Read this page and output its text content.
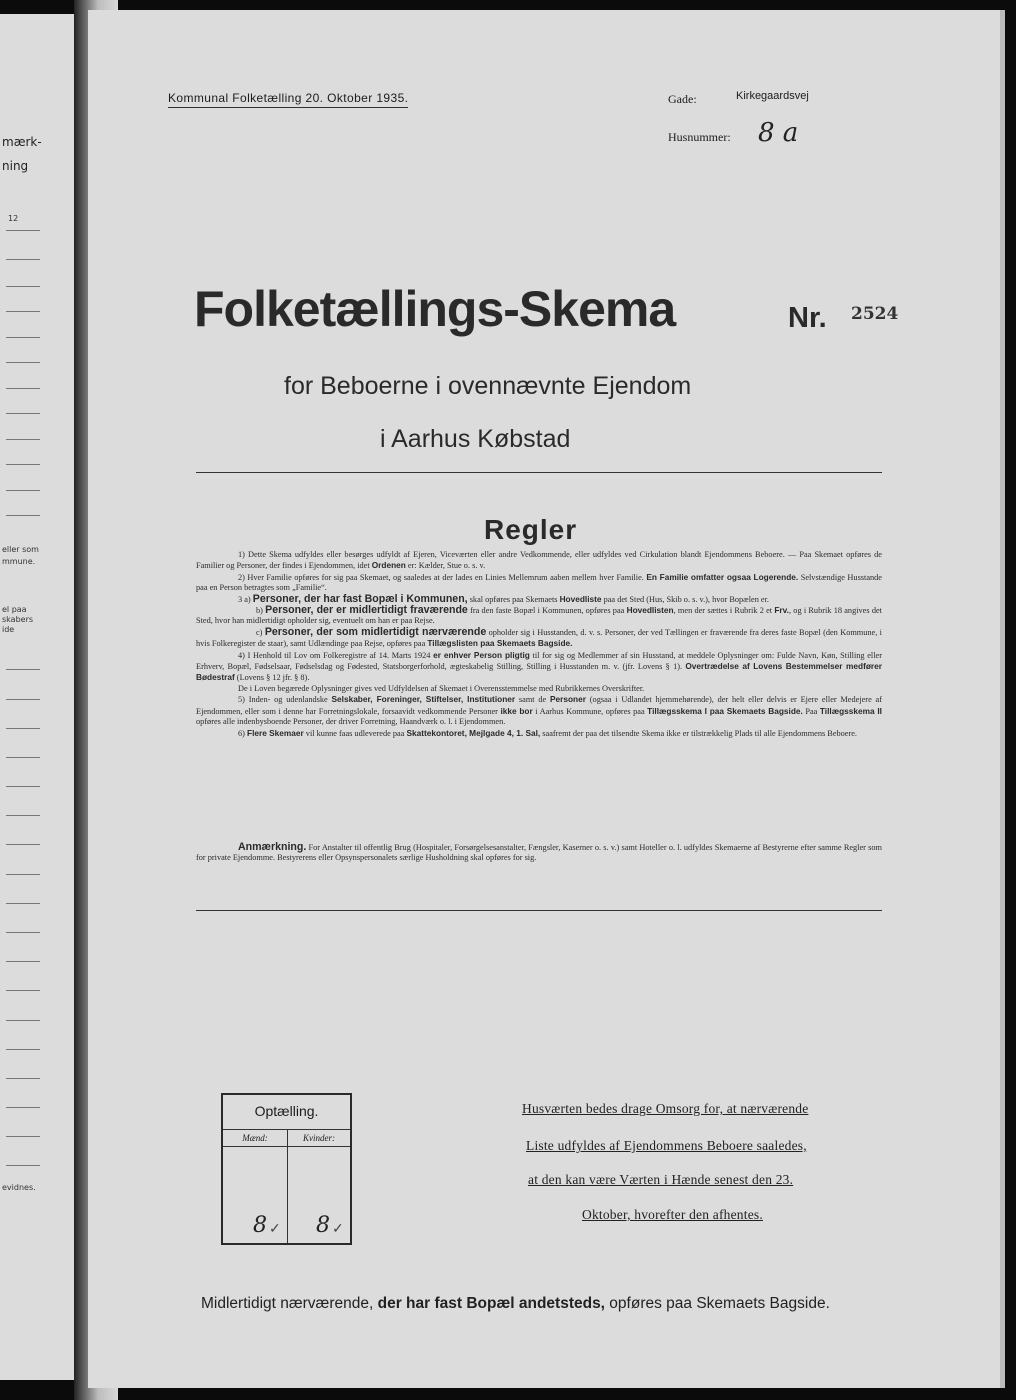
mærk-
ning
12
eller som
mmune.
el paa
skabers
ide
evidnes.
Kommunal Folketælling 20. Oktober 1935.	Gade:	Kirkegaardsvej
Husnummer: 8 a
Folketællings-Skema	Nr. 2524
for Beboerne i ovennævnte Ejendom
i Aarhus Købstad
Regler

1) Dette Skema udfyldes eller besørges udfyldt af Ejeren, Viceværten eller andre Vedkommende, eller udfyldes ved Cirkulation blandt Ejendommens Beboere. — Paa Skemaet opføres de Familier og Personer, der findes i Ejendommen, idet Ordenen er: Kælder, Stue o. s. v.

2) Hver Familie opføres for sig paa Skemaet, og saaledes at der lades en Linies Mellemrum aaben mellem hver Familie. En Familie omfatter ogsaa Logerende. Selvstændige Husstande paa en Person betragtes som „Familie“.

3 a) Personer, der har fast Bopæl i Kommunen, skal opføres paa Skemaets Hovedliste paa det Sted (Hus, Skib o. s. v.), hvor Bopælen er.

b) Personer, der er midlertidigt fraværende fra den faste Bopæl i Kommunen, opføres paa Hovedlisten, men der sættes i Rubrik 2 et Frv., og i Rubrik 18 angives det Sted, hvor han midlertidigt opholder sig, eventuelt om han er paa Rejse.

c) Personer, der som midlertidigt nærværende opholder sig i Husstanden, d. v. s. Personer, der ved Tællingen er fraværende fra deres faste Bopæl (den Kommune, i hvis Folkeregister de staar), samt Udlændinge paa Rejse, opføres paa Tillægslisten paa Skemaets Bagside.

4) I Henhold til Lov om Folkeregistre af 14. Marts 1924 er enhver Person pligtig til for sig og Medlemmer af sin Husstand, at meddele Oplysninger om: Fulde Navn, Køn, Stilling eller Erhverv, Bopæl, Fødselsaar, Fødselsdag og Fødested, Statsborgerforhold, ægteskabelig Stilling, Stilling i Husstanden m. v. (jfr. Lovens § 1). Overtrædelse af Lovens Bestemmelser medfører Bødestraf (Lovens § 12 jfr. § 8).

De i Loven begærede Oplysninger gives ved Udfyldelsen af Skemaet i Overensstemmelse med Rubrikkernes Overskrifter.

5) Inden- og udenlandske Selskaber, Foreninger, Stiftelser, Institutioner samt de Personer (ogsaa i Udlandet hjemmehørende), der helt eller delvis er Ejere eller Medejere af Ejendommen, eller som i denne har Forretningslokale, forsaavidt vedkommende Personer ikke bor i Aarhus Kommune, opføres paa Tillægsskema I paa Skemaets Bagside. Paa Tillægsskema II opføres alle indenbysboende Personer, der driver Forretning, Haandværk o. l. i Ejendommen.

6) Flere Skemaer vil kunne faas udleverede paa Skattekontoret, Mejlgade 4, 1. Sal, saafremt der paa det tilsendte Skema ikke er tilstrækkelig Plads til alle Ejendommens Beboere.

Anmærkning. For Anstalter til offentlig Brug (Hospitaler, Forsørgelsesanstalter, Fængsler, Kaserner o. s. v.) samt Hoteller o. l. udfyldes Skemaerne af Bestyrerne efter samme Regler som for private Ejendomme. Bestyrerens eller Opsynspersonalets særlige Husholdning skal opføres for sig.

Optælling.
Mænd:	Kvinder:
8 ✓ 8 ✓
Husværten bedes drage Omsorg for, at nærværende
Liste udfyldes af Ejendommens Beboere saaledes,
at den kan være Værten i Hænde senest den 23.
Oktober, hvorefter den afhentes.
Midlertidigt nærværende, der har fast Bopæl andetsteds, opføres paa Skemaets Bagside.
